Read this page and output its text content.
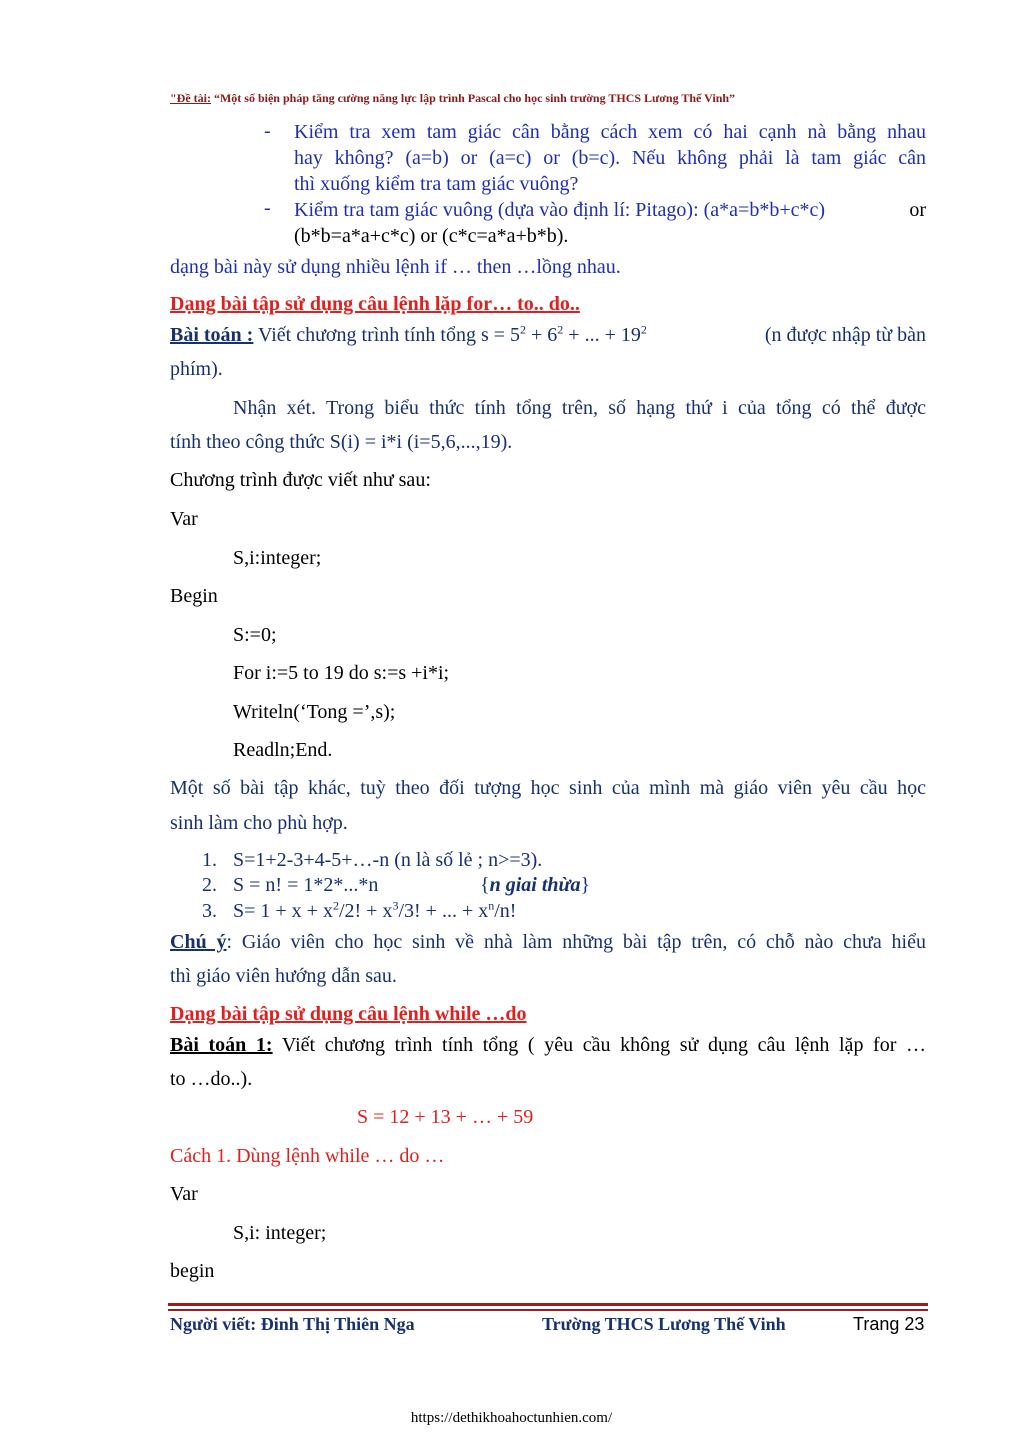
"Đề tài: “Một số biện pháp tăng cường năng lực lập trình Pascal cho học sinh trường THCS Lương Thế Vinh”
- Kiểm tra xem tam giác cân bằng cách xem có hai cạnh nà bằng nhau
hay không? (a=b) or (a=c) or (b=c). Nếu không phải là tam giác cân
thì xuống kiểm tra tam giác vuông?
- Kiểm tra tam giác vuông (dựa vào định lí: Pitago): (a*a=b*b+c*c)	or
(b*b=a*a+c*c) or (c*c=a*a+b*b).
dạng bài này sử dụng nhiều lệnh if … then …lồng nhau.
Dạng bài tập sử dụng câu lệnh lặp for… to.. do..
Bài toán : Viết chương trình tính tổng $s = 5^2 + 6^2$ + ... + $19^2$	(n được nhập từ bàn
phím).
Nhận xét. Trong biểu thức tính tổng trên, số hạng thứ i của tổng có thể được
tính theo công thức S(i) = i*i (i=5,6,...,19).
Chương trình được viết như sau:
Var
S,i:integer;
Begin
S:=0;
For i:=5 to 19 do s:=s +i*i;
Writeln(‘Tong =’,s);
Readln;End.
Một số bài tập khác, tuỳ theo đối tượng học sinh của mình mà giáo viên yêu cầu học
sinh làm cho phù hợp.
1. S=1+2-3+4-5+…-n (n là số lẻ ; n>=3).
2. S = n! = 1*2*...*n	{n giai thừa}
3. $S= 1 + x + x^2/2$! + $x^3/3$! + ... + $x^n/n$!
Chú ý: Giáo viên cho học sinh về nhà làm những bài tập trên, có chỗ nào chưa hiểu
thì giáo viên hướng dẫn sau.
Dạng bài tập sử dụng câu lệnh while …do
Bài toán 1: Viết chương trình tính tổng ( yêu cầu không sử dụng câu lệnh lặp for …
to …do..).
S = 12 + 13 + … + 59
Cách 1. Dùng lệnh while … do …
Var
S,i: integer;
begin
Người viết: Đinh Thị Thiên Nga	Trường THCS Lương Thế Vinh	Trang 23
https://dethikhoahoctunhien.com/
